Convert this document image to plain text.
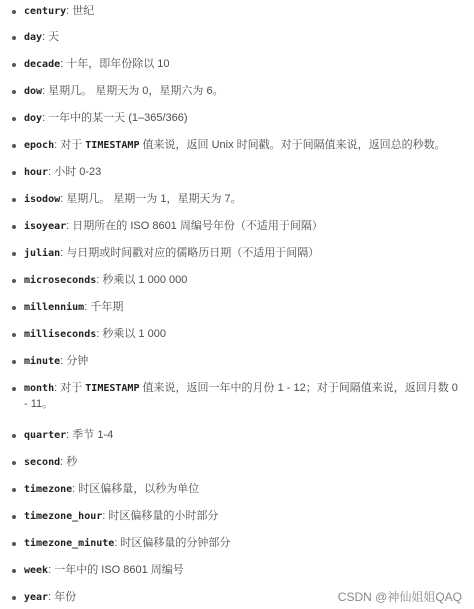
century: 世纪
day: 天
decade: 十年，即年份除以 10
dow: 星期几。 星期天为 0，星期六为 6。
doy: 一年中的某一天 (1–365/366)
epoch: 对于 TIMESTAMP 值来说，返回 Unix 时间戳。对于间隔值来说，返回总的秒数。
hour: 小时 0-23
isodow: 星期几。 星期一为 1，星期天为 7。
isoyear: 日期所在的 ISO 8601 周编号年份（不适用于间隔）
julian: 与日期或时间戳对应的儒略历日期（不适用于间隔）
microseconds: 秒乘以 1 000 000
millennium: 千年期
milliseconds: 秒乘以 1 000
minute: 分钟
month: 对于 TIMESTAMP 值来说，返回一年中的月份 1 - 12；对于间隔值来说，返回月数 0 - 11。
quarter: 季节 1-4
second: 秒
timezone: 时区偏移量，以秒为单位
timezone_hour: 时区偏移量的小时部分
timezone_minute: 时区偏移量的分钟部分
week: 一年中的 ISO 8601 周编号
year: 年份	CSDN @神仙姐姐QAQ
